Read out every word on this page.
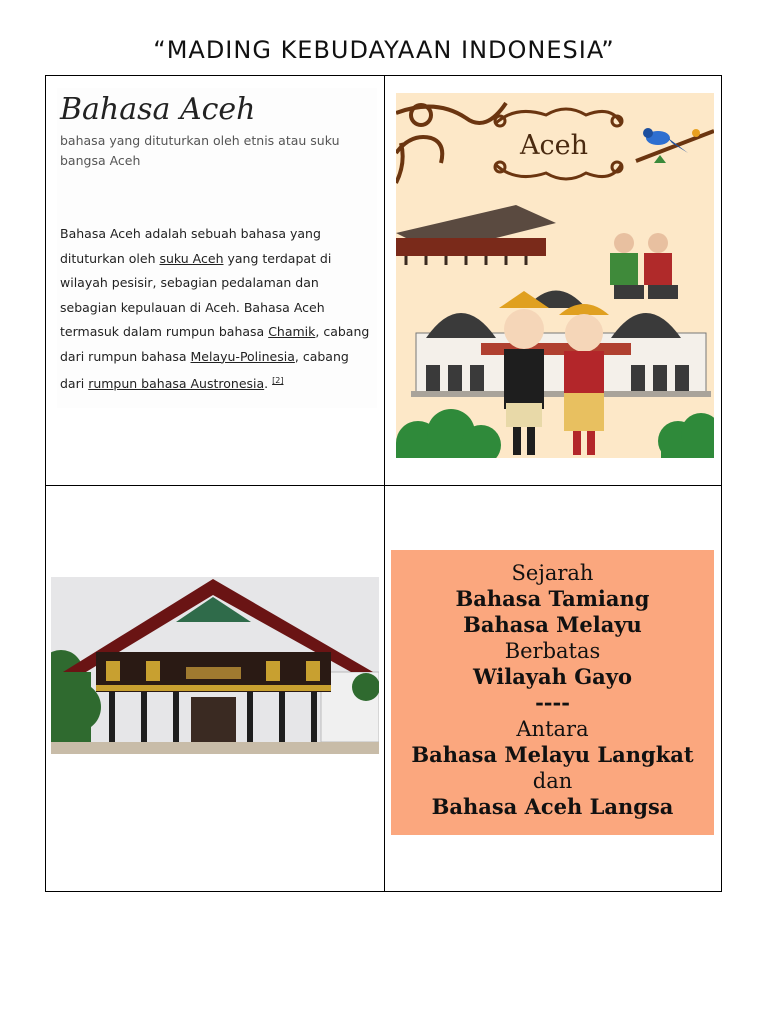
“MADING KEBUDAYAAN INDONESIA”
Bahasa Aceh
bahasa yang dituturkan oleh etnis atau suku bangsa Aceh
Bahasa Aceh adalah sebuah bahasa yang dituturkan oleh suku Aceh yang terdapat di wilayah pesisir, sebagian pedalaman dan sebagian kepulauan di Aceh. Bahasa Aceh termasuk dalam rumpun bahasa Chamik, cabang dari rumpun bahasa Melayu-Polinesia, cabang dari rumpun bahasa Austronesia. [2]
Aceh
Sejarah
Bahasa Tamiang
Bahasa Melayu
Berbatas
Wilayah Gayo
----
Antara
Bahasa Melayu Langkat
dan
Bahasa Aceh Langsa
